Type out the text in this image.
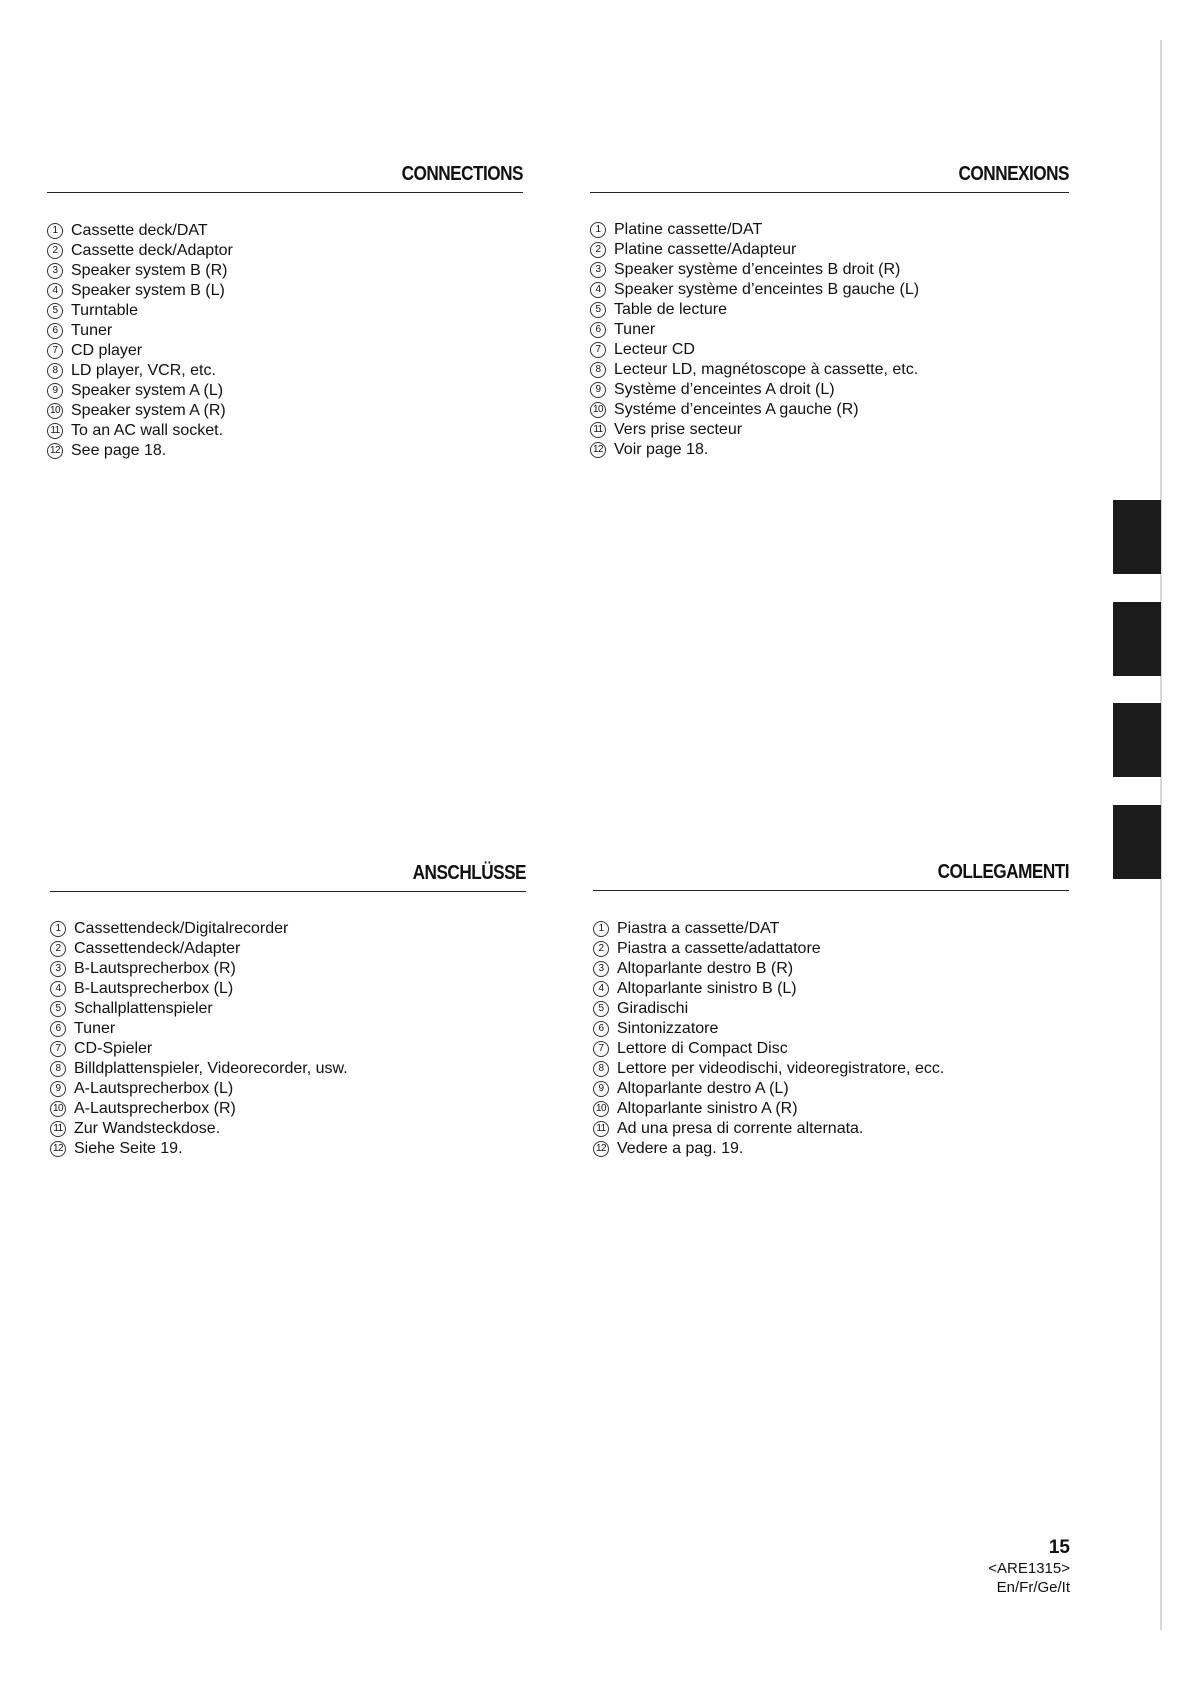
CONNECTIONS
1 Cassette deck/DAT
2 Cassette deck/Adaptor
3 Speaker system B (R)
4 Speaker system B (L)
5 Turntable
6 Tuner
7 CD player
8 LD player, VCR, etc.
9 Speaker system A (L)
10 Speaker system A (R)
11 To an AC wall socket.
12 See page 18.
CONNEXIONS
1 Platine cassette/DAT
2 Platine cassette/Adapteur
3 Speaker système d’enceintes B droit (R)
4 Speaker système d’enceintes B gauche (L)
5 Table de lecture
6 Tuner
7 Lecteur CD
8 Lecteur LD, magnétoscope à cassette, etc.
9 Système d’enceintes A droit (L)
10 Systéme d’enceintes A gauche (R)
11 Vers prise secteur
12 Voir page 18.
ANSCHLÜSSE
1 Cassettendeck/Digitalrecorder
2 Cassettendeck/Adapter
3 B-Lautsprecherbox (R)
4 B-Lautsprecherbox (L)
5 Schallplattenspieler
6 Tuner
7 CD-Spieler
8 Billdplattenspieler, Videorecorder, usw.
9 A-Lautsprecherbox (L)
10 A-Lautsprecherbox (R)
11 Zur Wandsteckdose.
12 Siehe Seite 19.
COLLEGAMENTI
1 Piastra a cassette/DAT
2 Piastra a cassette/adattatore
3 Altoparlante destro B (R)
4 Altoparlante sinistro B (L)
5 Giradischi
6 Sintonizzatore
7 Lettore di Compact Disc
8 Lettore per videodischi, videoregistratore, ecc.
9 Altoparlante destro A (L)
10 Altoparlante sinistro A (R)
11 Ad una presa di corrente alternata.
12 Vedere a pag. 19.
15
<ARE1315>
En/Fr/Ge/It
